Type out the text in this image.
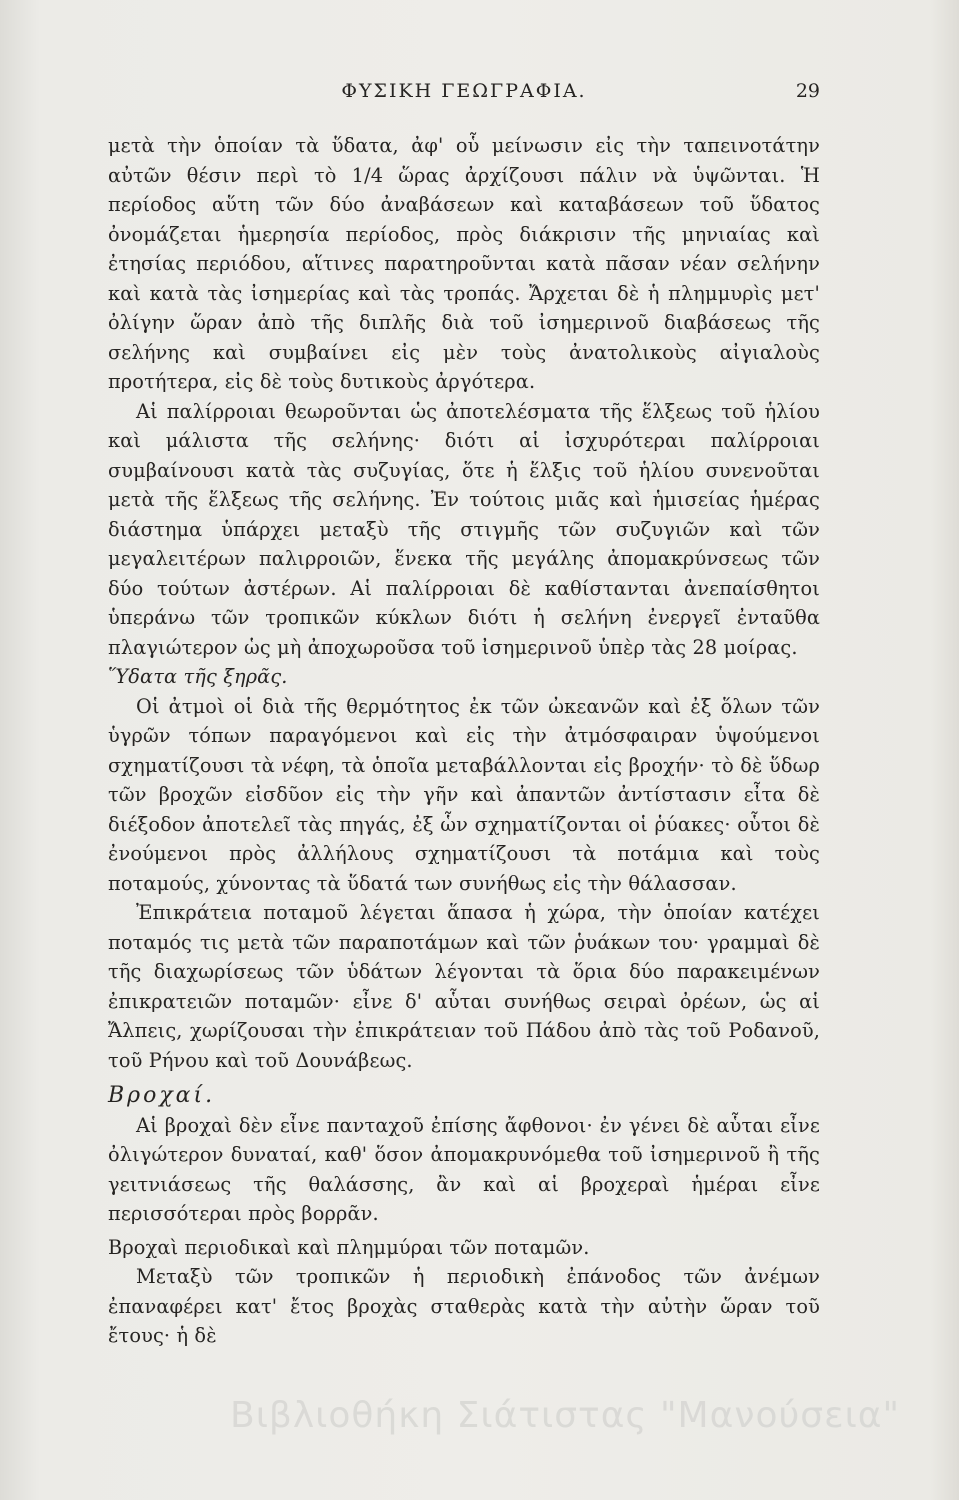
ΦΥΣΙΚΗ ΓΕΩΓΡΑΦΙΑ.	29

μετὰ τὴν ὁποίαν τὰ ὕδατα, ἀφ' οὗ μείνωσιν εἰς τὴν ταπεινοτάτην αὐτῶν θέσιν περὶ τὸ 1/4 ὥρας ἀρχίζουσι πάλιν νὰ ὑψῶνται. Ἡ περίοδος αὕτη τῶν δύο ἀναβάσεων καὶ καταβάσεων τοῦ ὕδατος ὀνομάζεται ἡμερησία περίοδος, πρὸς διάκρισιν τῆς μηνιαίας καὶ ἐτησίας περιόδου, αἵτινες παρατηροῦνται κατὰ πᾶσαν νέαν σελήνην καὶ κατὰ τὰς ἰσημερίας καὶ τὰς τροπάς. Ἄρχεται δὲ ἡ πλημμυρὶς μετ' ὀλίγην ὥραν ἀπὸ τῆς διπλῆς διὰ τοῦ ἰσημερινοῦ διαβάσεως τῆς σελήνης καὶ συμβαίνει εἰς μὲν τοὺς ἀνατολικοὺς αἰγιαλοὺς προτήτερα, εἰς δὲ τοὺς δυτικοὺς ἀργότερα.

Αἱ παλίρροιαι θεωροῦνται ὡς ἀποτελέσματα τῆς ἕλξεως τοῦ ἡλίου καὶ μάλιστα τῆς σελήνης· διότι αἱ ἰσχυρότεραι παλίρροιαι συμβαίνουσι κατὰ τὰς συζυγίας, ὅτε ἡ ἕλξις τοῦ ἡλίου συνενοῦται μετὰ τῆς ἕλξεως τῆς σελήνης. Ἐν τούτοις μιᾶς καὶ ἡμισείας ἡμέρας διάστημα ὑπάρχει μεταξὺ τῆς στιγμῆς τῶν συζυγιῶν καὶ τῶν μεγαλειτέρων παλιρροιῶν, ἕνεκα τῆς μεγάλης ἀπομακρύνσεως τῶν δύο τούτων ἀστέρων. Αἱ παλίρροιαι δὲ καθίστανται ἀνεπαίσθητοι ὑπεράνω τῶν τροπικῶν κύκλων διότι ἡ σελήνη ἐνεργεῖ ἐνταῦθα πλαγιώτερον ὡς μὴ ἀποχωροῦσα τοῦ ἰσημερινοῦ ὑπὲρ τὰς 28 μοίρας.

Ὕδατα τῆς ξηρᾶς.

Οἱ ἀτμοὶ οἱ διὰ τῆς θερμότητος ἐκ τῶν ὠκεανῶν καὶ ἐξ ὅλων τῶν ὑγρῶν τόπων παραγόμενοι καὶ εἰς τὴν ἀτμόσφαιραν ὑψούμενοι σχηματίζουσι τὰ νέφη, τὰ ὁποῖα μεταβάλλονται εἰς βροχήν· τὸ δὲ ὕδωρ τῶν βροχῶν εἰσδῦον εἰς τὴν γῆν καὶ ἀπαντῶν ἀντίστασιν εἶτα δὲ διέξοδον ἀποτελεῖ τὰς πηγάς, ἐξ ὧν σχηματίζονται οἱ ῥύακες· οὗτοι δὲ ἐνούμενοι πρὸς ἀλλήλους σχηματίζουσι τὰ ποτάμια καὶ τοὺς ποταμούς, χύνοντας τὰ ὕδατά των συνήθως εἰς τὴν θάλασσαν.

Ἐπικράτεια ποταμοῦ λέγεται ἅπασα ἡ χώρα, τὴν ὁποίαν κατέχει ποταμός τις μετὰ τῶν παραποτάμων καὶ τῶν ῥυάκων του· γραμμαὶ δὲ τῆς διαχωρίσεως τῶν ὑδάτων λέγονται τὰ ὅρια δύο παρακειμένων ἐπικρατειῶν ποταμῶν· εἶνε δ' αὗται συνήθως σειραὶ ὀρέων, ὡς αἱ Ἄλπεις, χωρίζουσαι τὴν ἐπικράτειαν τοῦ Πάδου ἀπὸ τὰς τοῦ Ροδανοῦ, τοῦ Ρήνου καὶ τοῦ Δουνάβεως.

Βροχαί.

Αἱ βροχαὶ δὲν εἶνε πανταχοῦ ἐπίσης ἄφθονοι· ἐν γένει δὲ αὗται εἶνε ὀλιγώτερον δυναταί, καθ' ὅσον ἀπομακρυνόμεθα τοῦ ἰσημερινοῦ ἢ τῆς γειτνιάσεως τῆς θαλάσσης, ἂν καὶ αἱ βροχεραὶ ἡμέραι εἶνε περισσότεραι πρὸς βορρᾶν.

Βροχαὶ περιοδικαὶ καὶ πλημμύραι τῶν ποταμῶν.

Μεταξὺ τῶν τροπικῶν ἡ περιοδικὴ ἐπάνοδος τῶν ἀνέμων ἐπαναφέρει κατ' ἔτος βροχὰς σταθερὰς κατὰ τὴν αὐτὴν ὥραν τοῦ ἔτους· ἡ δὲ

Βιβλιοθήκη Σιάτιστας "Μανούσεια"
